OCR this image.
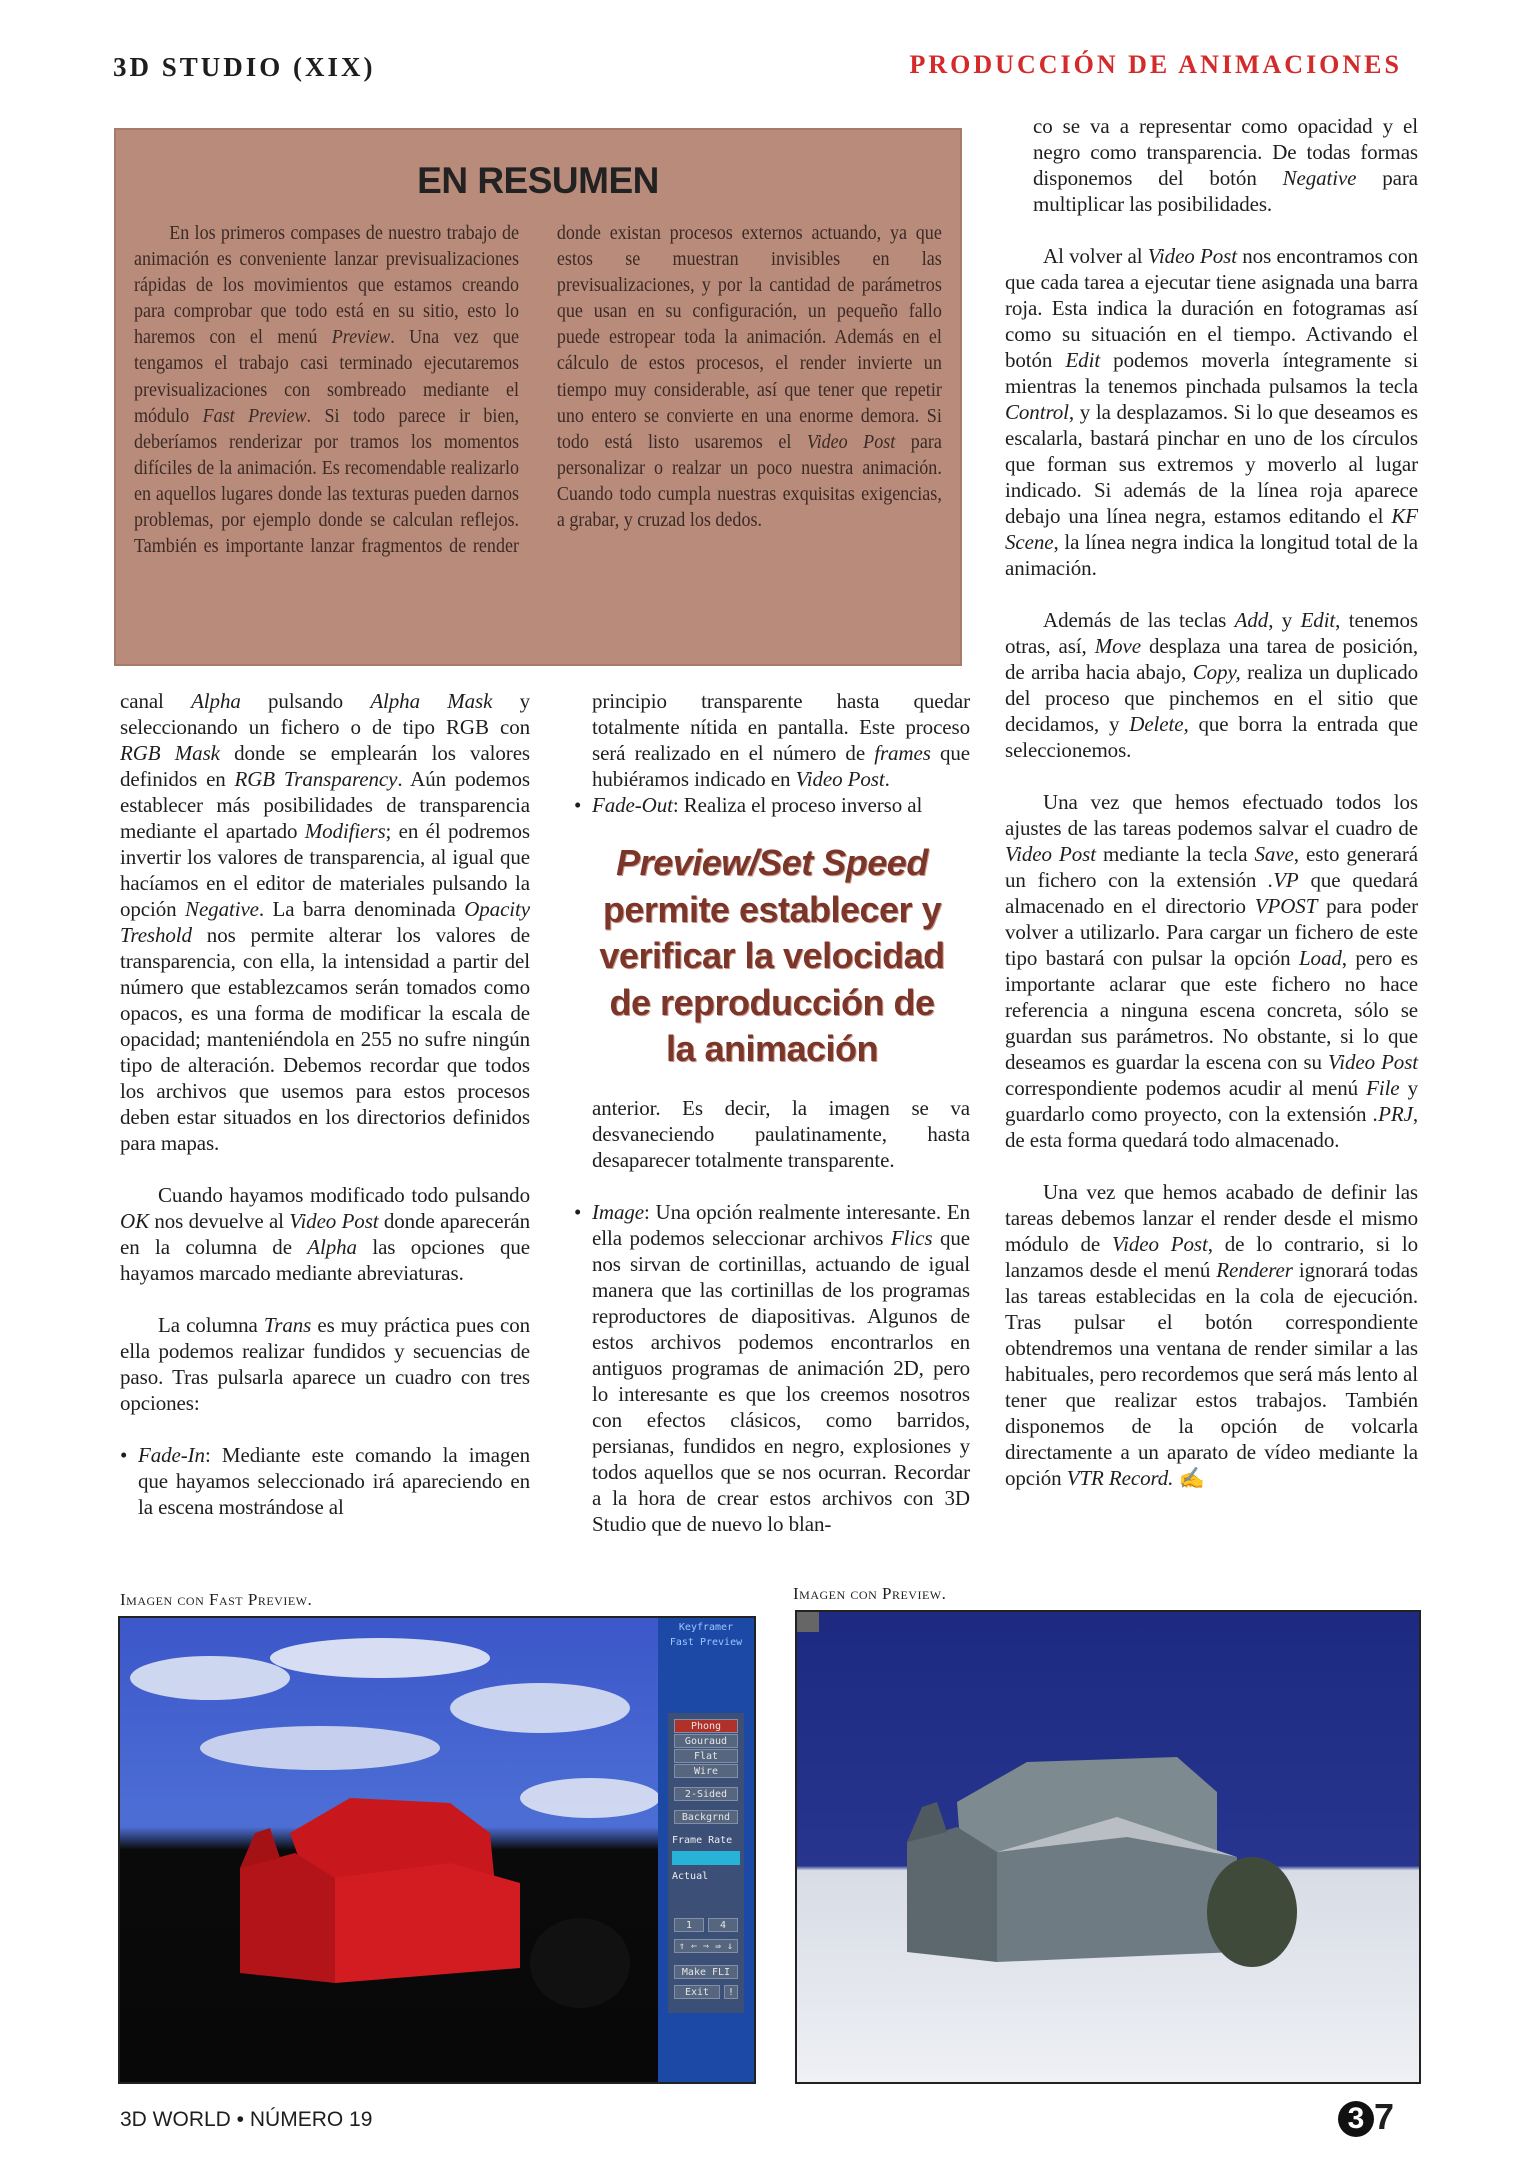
3D STUDIO (XIX)	PRODUCCIÓN DE ANIMACIONES
EN RESUMEN

En los primeros compases de nuestro trabajo de animación es conveniente lanzar previsualizaciones rápidas de los movimientos que estamos creando para comprobar que todo está en su sitio, esto lo haremos con el menú Preview. Una vez que tengamos el trabajo casi terminado ejecutaremos previsualizaciones con sombreado mediante el módulo Fast Preview. Si todo parece ir bien, deberíamos renderizar por tramos los momentos difíciles de la animación. Es recomendable realizarlo en aquellos lugares donde las texturas pueden darnos problemas, por ejemplo donde se calculan reflejos. También es importante lanzar fragmentos de render donde existan procesos externos actuando, ya que estos se muestran invisibles en las previsualizaciones, y por la cantidad de parámetros que usan en su configuración, un pequeño fallo puede estropear toda la animación. Además en el cálculo de estos procesos, el render invierte un tiempo muy considerable, así que tener que repetir uno entero se convierte en una enorme demora. Si todo está listo usaremos el Video Post para personalizar o realzar un poco nuestra animación. Cuando todo cumpla nuestras exquisitas exigencias, a grabar, y cruzad los dedos.

canal Alpha pulsando Alpha Mask y seleccionando un fichero o de tipo RGB con RGB Mask donde se emplearán los valores definidos en RGB Transparency. Aún podemos establecer más posibilidades de transparencia mediante el apartado Modifiers; en él podremos invertir los valores de transparencia, al igual que hacíamos en el editor de materiales pulsando la opción Negative. La barra denominada Opacity Treshold nos permite alterar los valores de transparencia, con ella, la intensidad a partir del número que establezcamos serán tomados como opacos, es una forma de modificar la escala de opacidad; manteniéndola en 255 no sufre ningún tipo de alteración. Debemos recordar que todos los archivos que usemos para estos procesos deben estar situados en los directorios definidos para mapas.

Cuando hayamos modificado todo pulsando OK nos devuelve al Video Post donde aparecerán en la columna de Alpha las opciones que hayamos marcado mediante abreviaturas.

La columna Trans es muy práctica pues con ella podemos realizar fundidos y secuencias de paso. Tras pulsarla aparece un cuadro con tres opciones:

• Fade-In: Mediante este comando la imagen que hayamos seleccionado irá apareciendo en la escena mostrándose al

principio transparente hasta quedar totalmente nítida en pantalla. Este proceso será realizado en el número de frames que hubiéramos indicado en Video Post.

• Fade-Out: Realiza el proceso inverso al

Preview/Set Speed
permite establecer y
verificar la velocidad
de reproducción de
la animación

anterior. Es decir, la imagen se va desvaneciendo paulatinamente, hasta desaparecer totalmente transparente.

• Image: Una opción realmente interesante. En ella podemos seleccionar archivos Flics que nos sirvan de cortinillas, actuando de igual manera que las cortinillas de los programas reproductores de diapositivas. Algunos de estos archivos podemos encontrarlos en antiguos programas de animación 2D, pero lo interesante es que los creemos nosotros con efectos clásicos, como barridos, persianas, fundidos en negro, explosiones y todos aquellos que se nos ocurran. Recordar a la hora de crear estos archivos con 3D Studio que de nuevo lo blan-

co se va a representar como opacidad y el negro como transparencia. De todas formas disponemos del botón Negative para multiplicar las posibilidades.

Al volver al Video Post nos encontramos con que cada tarea a ejecutar tiene asignada una barra roja. Esta indica la duración en fotogramas así como su situación en el tiempo. Activando el botón Edit podemos moverla íntegramente si mientras la tenemos pinchada pulsamos la tecla Control, y la desplazamos. Si lo que deseamos es escalarla, bastará pinchar en uno de los círculos que forman sus extremos y moverlo al lugar indicado. Si además de la línea roja aparece debajo una línea negra, estamos editando el KF Scene, la línea negra indica la longitud total de la animación.

Además de las teclas Add, y Edit, tenemos otras, así, Move desplaza una tarea de posición, de arriba hacia abajo, Copy, realiza un duplicado del proceso que pinchemos en el sitio que decidamos, y Delete, que borra la entrada que seleccionemos.

Una vez que hemos efectuado todos los ajustes de las tareas podemos salvar el cuadro de Video Post mediante la tecla Save, esto generará un fichero con la extensión .VP que quedará almacenado en el directorio VPOST para poder volver a utilizarlo. Para cargar un fichero de este tipo bastará con pulsar la opción Load, pero es importante aclarar que este fichero no hace referencia a ninguna escena concreta, sólo se guardan sus parámetros. No obstante, si lo que deseamos es guardar la escena con su Video Post correspondiente podemos acudir al menú File y guardarlo como proyecto, con la extensión .PRJ, de esta forma quedará todo almacenado.

Una vez que hemos acabado de definir las tareas debemos lanzar el render desde el mismo módulo de Video Post, de lo contrario, si lo lanzamos desde el menú Renderer ignorará todas las tareas establecidas en la cola de ejecución. Tras pulsar el botón correspondiente obtendremos una ventana de render similar a las habituales, pero recordemos que será más lento al tener que realizar estos trabajos. También disponemos de la opción de volcarla directamente a un aparato de vídeo mediante la opción VTR Record. ✍

Imagen con Fast Preview.	Imagen con Preview.
Keyframer
Fast Preview
Phong
Gouraud
Flat
Wire
2-Sided
Backgrnd
Frame Rate
Actual
1	4
⇑ ⇐ ⇒ ⇛ ⇓
Make FLI
Exit	!
3D WORLD • NÚMERO 19	3 7
